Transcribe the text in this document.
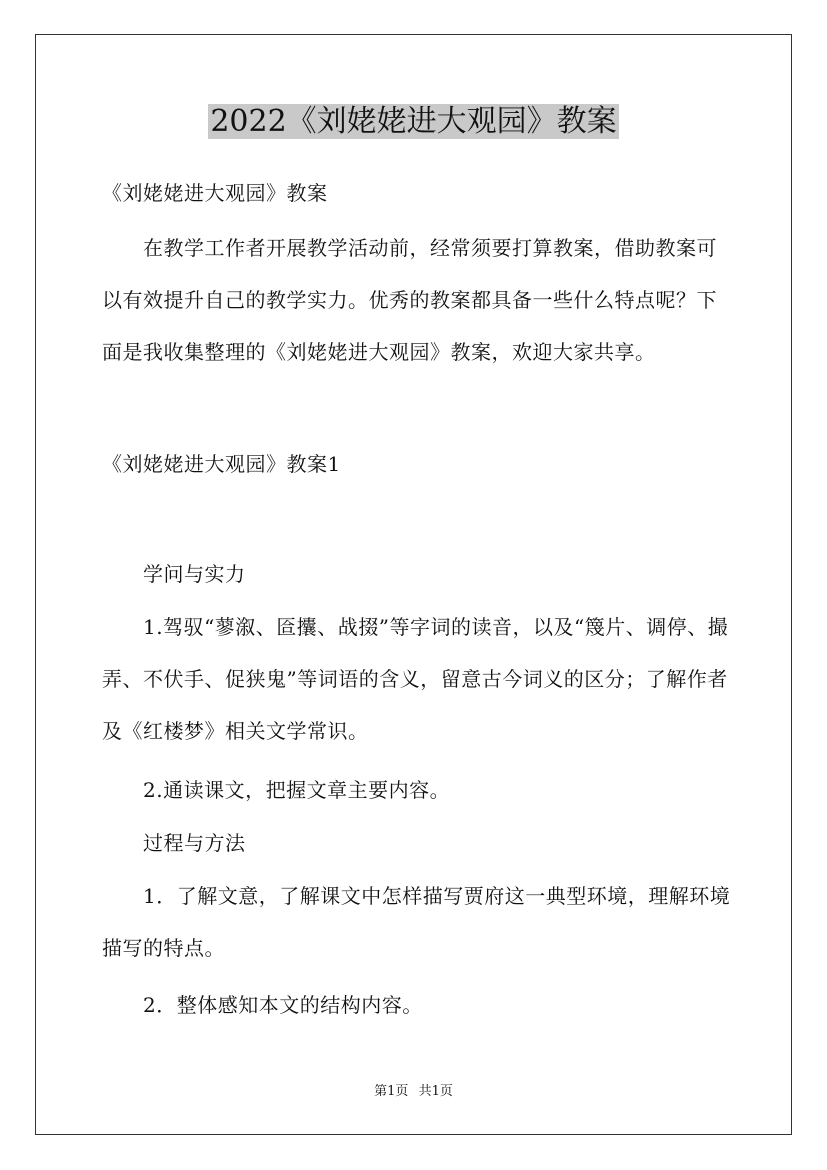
2022《刘姥姥进大观园》教案

《刘姥姥进大观园》教案

在教学工作者开展教学活动前，经常须要打算教案，借助教案可以有效提升自己的教学实力。优秀的教案都具备一些什么特点呢？下面是我收集整理的《刘姥姥进大观园》教案，欢迎大家共享。

《刘姥姥进大观园》教案1

学问与实力

1.驾驭“蓼溆、匼攮、战掇”等字词的读音，以及“篾片、调停、撮弄、不伏手、促狭鬼”等词语的含义，留意古今词义的区分；了解作者及《红楼梦》相关文学常识。

2.通读课文，把握文章主要内容。

过程与方法

1．了解文意，了解课文中怎样描写贾府这一典型环境，理解环境描写的特点。

2．整体感知本文的结构内容。

第1页 共1页
